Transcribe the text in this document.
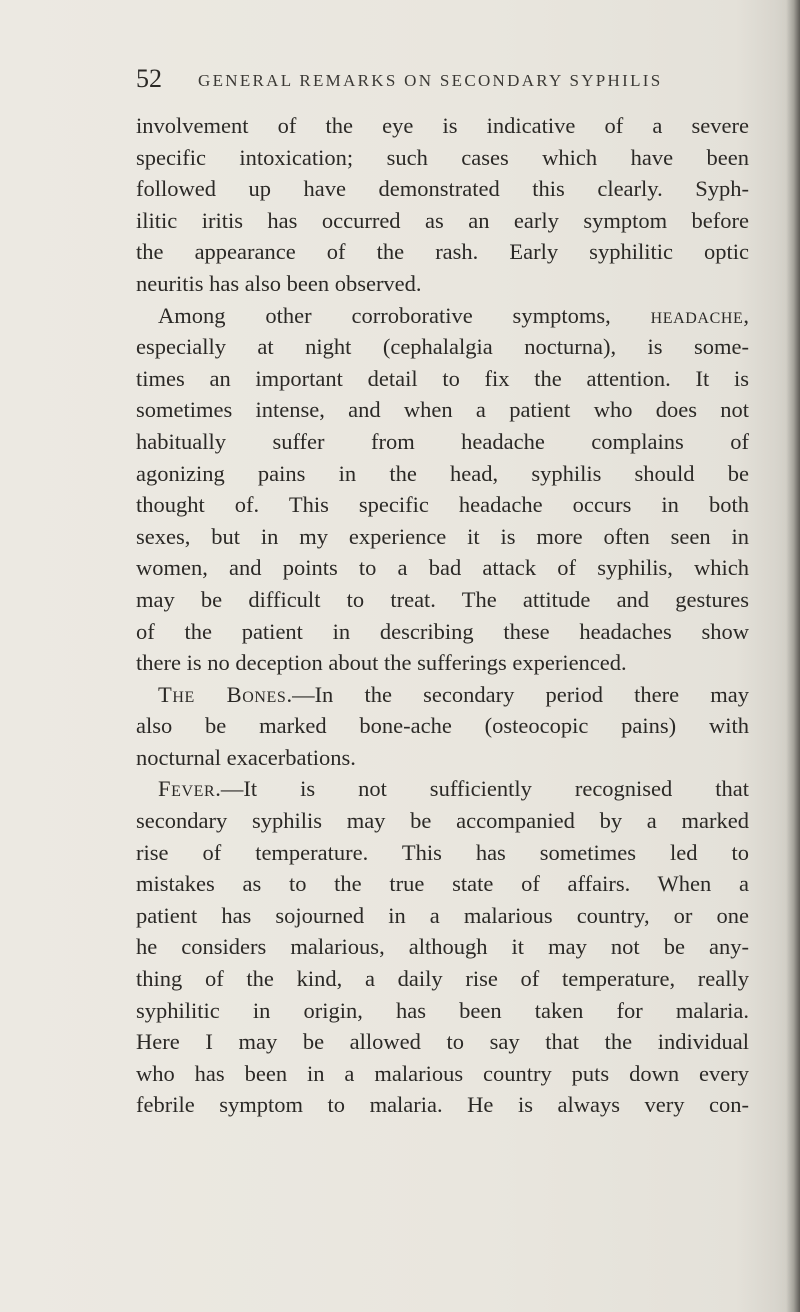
52 GENERAL REMARKS ON SECONDARY SYPHILIS
involvement of the eye is indicative of a severe
specific intoxication; such cases which have been
followed up have demonstrated this clearly. Syph-
ilitic iritis has occurred as an early symptom before
the appearance of the rash. Early syphilitic optic
neuritis has also been observed.
Among other corroborative symptoms, headache,
especially at night (cephalalgia nocturna), is some-
times an important detail to fix the attention. It is
sometimes intense, and when a patient who does not
habitually suffer from headache complains of
agonizing pains in the head, syphilis should be
thought of. This specific headache occurs in both
sexes, but in my experience it is more often seen in
women, and points to a bad attack of syphilis, which
may be difficult to treat. The attitude and gestures
of the patient in describing these headaches show
there is no deception about the sufferings experienced.
The Bones.—In the secondary period there may
also be marked bone-ache (osteocopic pains) with
nocturnal exacerbations.
Fever.—It is not sufficiently recognised that
secondary syphilis may be accompanied by a marked
rise of temperature. This has sometimes led to
mistakes as to the true state of affairs. When a
patient has sojourned in a malarious country, or one
he considers malarious, although it may not be any-
thing of the kind, a daily rise of temperature, really
syphilitic in origin, has been taken for malaria.
Here I may be allowed to say that the individual
who has been in a malarious country puts down every
febrile symptom to malaria. He is always very con-
